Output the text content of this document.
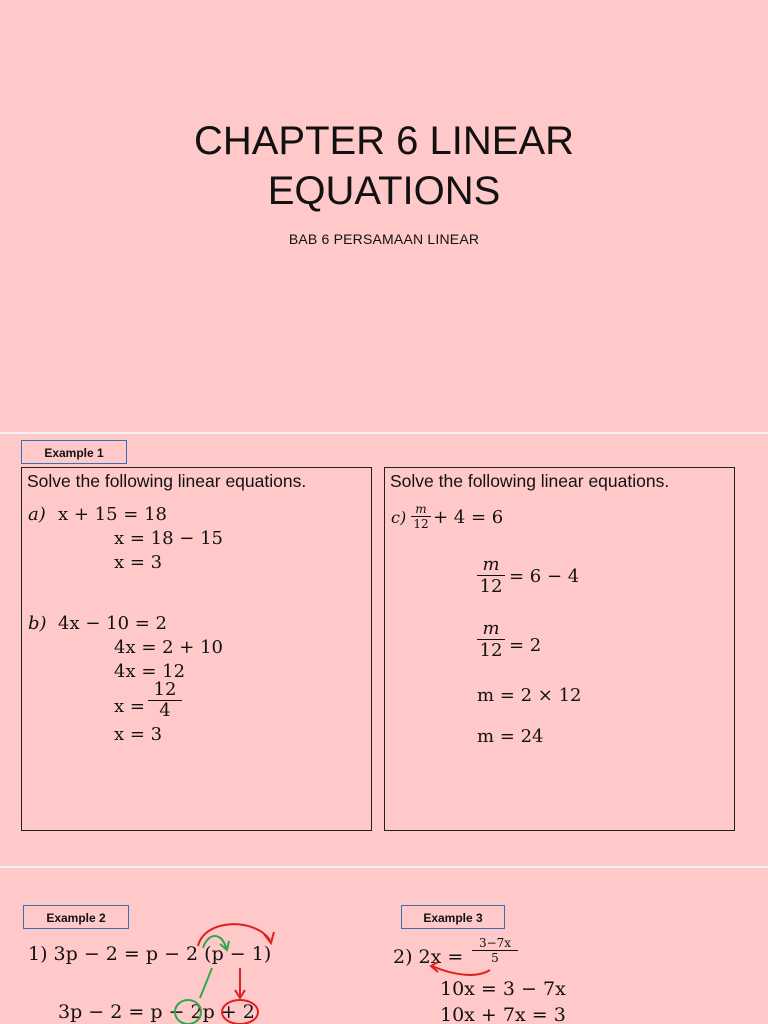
CHAPTER 6 LINEAR
EQUATIONS
BAB 6 PERSAMAAN LINEAR
Example 1
Solve the following linear equations.
a) x + 15 = 18
x = 18 − 15
x = 3
b) 4x − 10 = 2
4x = 2 + 10
4x = 12
x =
12
4
x = 3
Solve the following linear equations.
c) m
12 + 4 = 6
m
12 = 6 − 4
m
12 = 2
m = 2 × 12
m = 24
Example 2	Example 3
1) 3p − 2 = p − 2 (p − 1)
3p − 2 = p − 2p + 2
2) 2x =
3−7x
5
10x = 3 − 7x
10x + 7x = 3
